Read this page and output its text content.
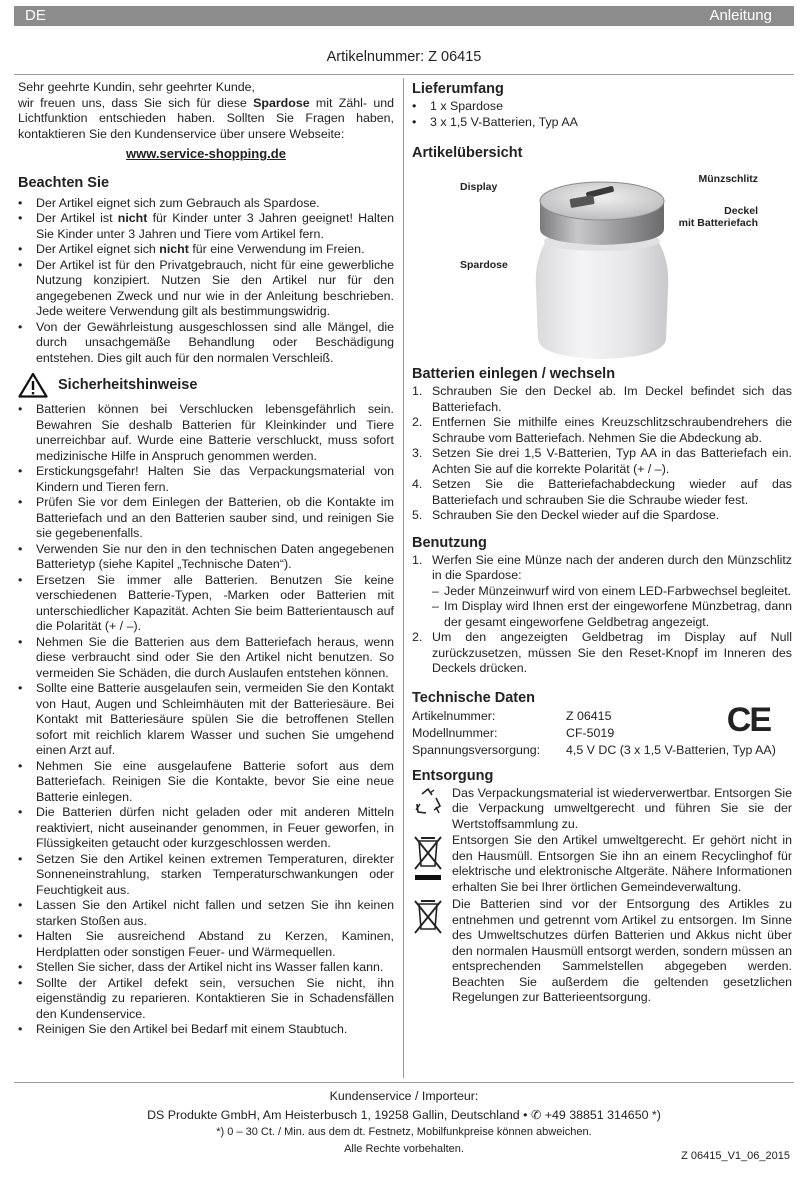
DE	Anleitung
Artikelnummer: Z 06415
Sehr geehrte Kundin, sehr geehrter Kunde,
wir freuen uns, dass Sie sich für diese Spardose mit Zähl- und Lichtfunktion entschieden haben. Sollten Sie Fragen haben, kontaktieren Sie den Kundenservice über unsere Webseite:
www.service-shopping.de
Beachten Sie
• Der Artikel eignet sich zum Gebrauch als Spardose.
• Der Artikel ist nicht für Kinder unter 3 Jahren geeignet! Halten Sie Kinder unter 3 Jahren und Tiere vom Artikel fern.
• Der Artikel eignet sich nicht für eine Verwendung im Freien.
• Der Artikel ist für den Privatgebrauch, nicht für eine gewerbliche Nutzung konzipiert. Nutzen Sie den Artikel nur für den angegebenen Zweck und nur wie in der Anleitung beschrieben. Jede weitere Verwendung gilt als bestimmungswidrig.
• Von der Gewährleistung ausgeschlossen sind alle Mängel, die durch unsachgemäße Behandlung oder Beschädigung entstehen. Dies gilt auch für den normalen Verschleiß.
Sicherheitshinweise
• Batterien können bei Verschlucken lebensgefährlich sein. Bewahren Sie deshalb Batterien für Kleinkinder und Tiere unerreichbar auf. Wurde eine Batterie verschluckt, muss sofort medizinische Hilfe in Anspruch genommen werden.
• Erstickungsgefahr! Halten Sie das Verpackungsmaterial von Kindern und Tieren fern.
• Prüfen Sie vor dem Einlegen der Batterien, ob die Kontakte im Batteriefach und an den Batterien sauber sind, und reinigen Sie sie gegebenenfalls.
• Verwenden Sie nur den in den technischen Daten angegebenen Batterietyp (siehe Kapitel „Technische Daten“).
• Ersetzen Sie immer alle Batterien. Benutzen Sie keine verschiedenen Batterie-Typen, -Marken oder Batterien mit unterschiedlicher Kapazität. Achten Sie beim Batterientausch auf die Polarität (+ / –).
• Nehmen Sie die Batterien aus dem Batteriefach heraus, wenn diese verbraucht sind oder Sie den Artikel nicht benutzen. So vermeiden Sie Schäden, die durch Auslaufen entstehen können.
• Sollte eine Batterie ausgelaufen sein, vermeiden Sie den Kontakt von Haut, Augen und Schleimhäuten mit der Batteriesäure. Bei Kontakt mit Batteriesäure spülen Sie die betroffenen Stellen sofort mit reichlich klarem Wasser und suchen Sie umgehend einen Arzt auf.
• Nehmen Sie eine ausgelaufene Batterie sofort aus dem Batteriefach. Reinigen Sie die Kontakte, bevor Sie eine neue Batterie einlegen.
• Die Batterien dürfen nicht geladen oder mit anderen Mitteln reaktiviert, nicht auseinander genommen, in Feuer geworfen, in Flüssigkeiten getaucht oder kurzgeschlossen werden.
• Setzen Sie den Artikel keinen extremen Temperaturen, direkter Sonneneinstrahlung, starken Temperaturschwankungen oder Feuchtigkeit aus.
• Lassen Sie den Artikel nicht fallen und setzen Sie ihn keinen starken Stoßen aus.
• Halten Sie ausreichend Abstand zu Kerzen, Kaminen, Herdplatten oder sonstigen Feuer- und Wärmequellen.
• Stellen Sie sicher, dass der Artikel nicht ins Wasser fallen kann.
• Sollte der Artikel defekt sein, versuchen Sie nicht, ihn eigenständig zu reparieren. Kontaktieren Sie in Schadensfällen den Kundenservice.
• Reinigen Sie den Artikel bei Bedarf mit einem Staubtuch.
Lieferumfang
• 1 x Spardose
• 3 x 1,5 V-Batterien, Typ AA
Artikelübersicht
Display
Münzschlitz
Deckel
mit Batteriefach
Spardose
Batterien einlegen / wechseln
1. Schrauben Sie den Deckel ab. Im Deckel befindet sich das Batteriefach.
2. Entfernen Sie mithilfe eines Kreuzschlitzschraubendrehers die Schraube vom Batteriefach. Nehmen Sie die Abdeckung ab.
3. Setzen Sie drei 1,5 V-Batterien, Typ AA in das Batteriefach ein. Achten Sie auf die korrekte Polarität (+ / –).
4. Setzen Sie die Batteriefachabdeckung wieder auf das Batteriefach und schrauben Sie die Schraube wieder fest.
5. Schrauben Sie den Deckel wieder auf die Spardose.
Benutzung
1. Werfen Sie eine Münze nach der anderen durch den Münzschlitz in die Spardose:
– Jeder Münzeinwurf wird von einem LED-Farbwechsel begleitet.
– Im Display wird Ihnen erst der eingeworfene Münzbetrag, dann der gesamt eingeworfene Geldbetrag angezeigt.
2. Um den angezeigten Geldbetrag im Display auf Null zurückzusetzen, müssen Sie den Reset-Knopf im Inneren des Deckels drücken.
Technische Daten
Artikelnummer:	Z 06415
Modellnummer:	CF-5019
Spannungsversorgung:	4,5 V DC (3 x 1,5 V-Batterien, Typ AA)
CE
Entsorgung
Das Verpackungsmaterial ist wiederverwertbar. Entsorgen Sie die Verpackung umweltgerecht und führen Sie sie der Wertstoffsammlung zu.
Entsorgen Sie den Artikel umweltgerecht. Er gehört nicht in den Hausmüll. Entsorgen Sie ihn an einem Recyclinghof für elektrische und elektronische Altgeräte. Nähere Informationen erhalten Sie bei Ihrer örtlichen Gemeindeverwaltung.
Die Batterien sind vor der Entsorgung des Artikles zu entnehmen und getrennt vom Artikel zu entsorgen. Im Sinne des Umweltschutzes dürfen Batterien und Akkus nicht über den normalen Hausmüll entsorgt werden, sondern müssen an entsprechenden Sammelstellen abgegeben werden. Beachten Sie außerdem die geltenden gesetzlichen Regelungen zur Batterieentsorgung.
Kundenservice / Importeur:
DS Produkte GmbH, Am Heisterbusch 1, 19258 Gallin, Deutschland • ✆ +49 38851 314650 *)
*) 0 – 30 Ct. / Min. aus dem dt. Festnetz, Mobilfunkpreise können abweichen.
Alle Rechte vorbehalten.
Z 06415_V1_06_2015
